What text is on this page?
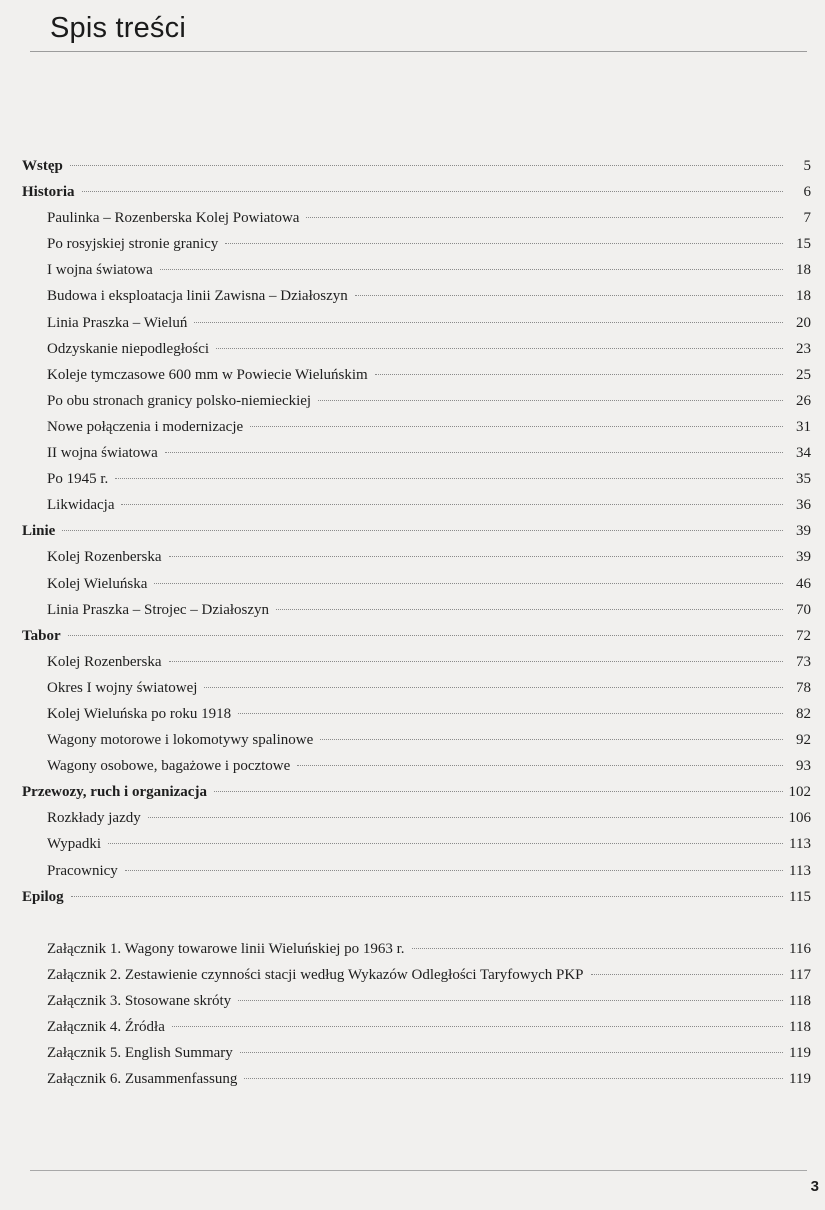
Spis treści
Wstęp	5
Historia	6
Paulinka – Rozenberska Kolej Powiatowa	7
Po rosyjskiej stronie granicy	15
I wojna światowa	18
Budowa i eksploatacja linii Zawisna – Działoszyn	18
Linia Praszka – Wieluń	20
Odzyskanie niepodległości	23
Koleje tymczasowe 600 mm w Powiecie Wieluńskim	25
Po obu stronach granicy polsko-niemieckiej	26
Nowe połączenia i modernizacje	31
II wojna światowa	34
Po 1945 r.	35
Likwidacja	36
Linie	39
Kolej Rozenberska	39
Kolej Wieluńska	46
Linia Praszka – Strojec – Działoszyn	70
Tabor	72
Kolej Rozenberska	73
Okres I wojny światowej	78
Kolej Wieluńska po roku 1918	82
Wagony motorowe i lokomotywy spalinowe	92
Wagony osobowe, bagażowe i pocztowe	93
Przewozy, ruch i organizacja	102
Rozkłady jazdy	106
Wypadki	113
Pracownicy	113
Epilog	115
Załącznik 1. Wagony towarowe linii Wieluńskiej po 1963 r.	116
Załącznik 2. Zestawienie czynności stacji według Wykazów Odległości Taryfowych PKP	117
Załącznik 3. Stosowane skróty	118
Załącznik 4. Źródła	118
Załącznik 5. English Summary	119
Załącznik 6. Zusammenfassung	119
3
